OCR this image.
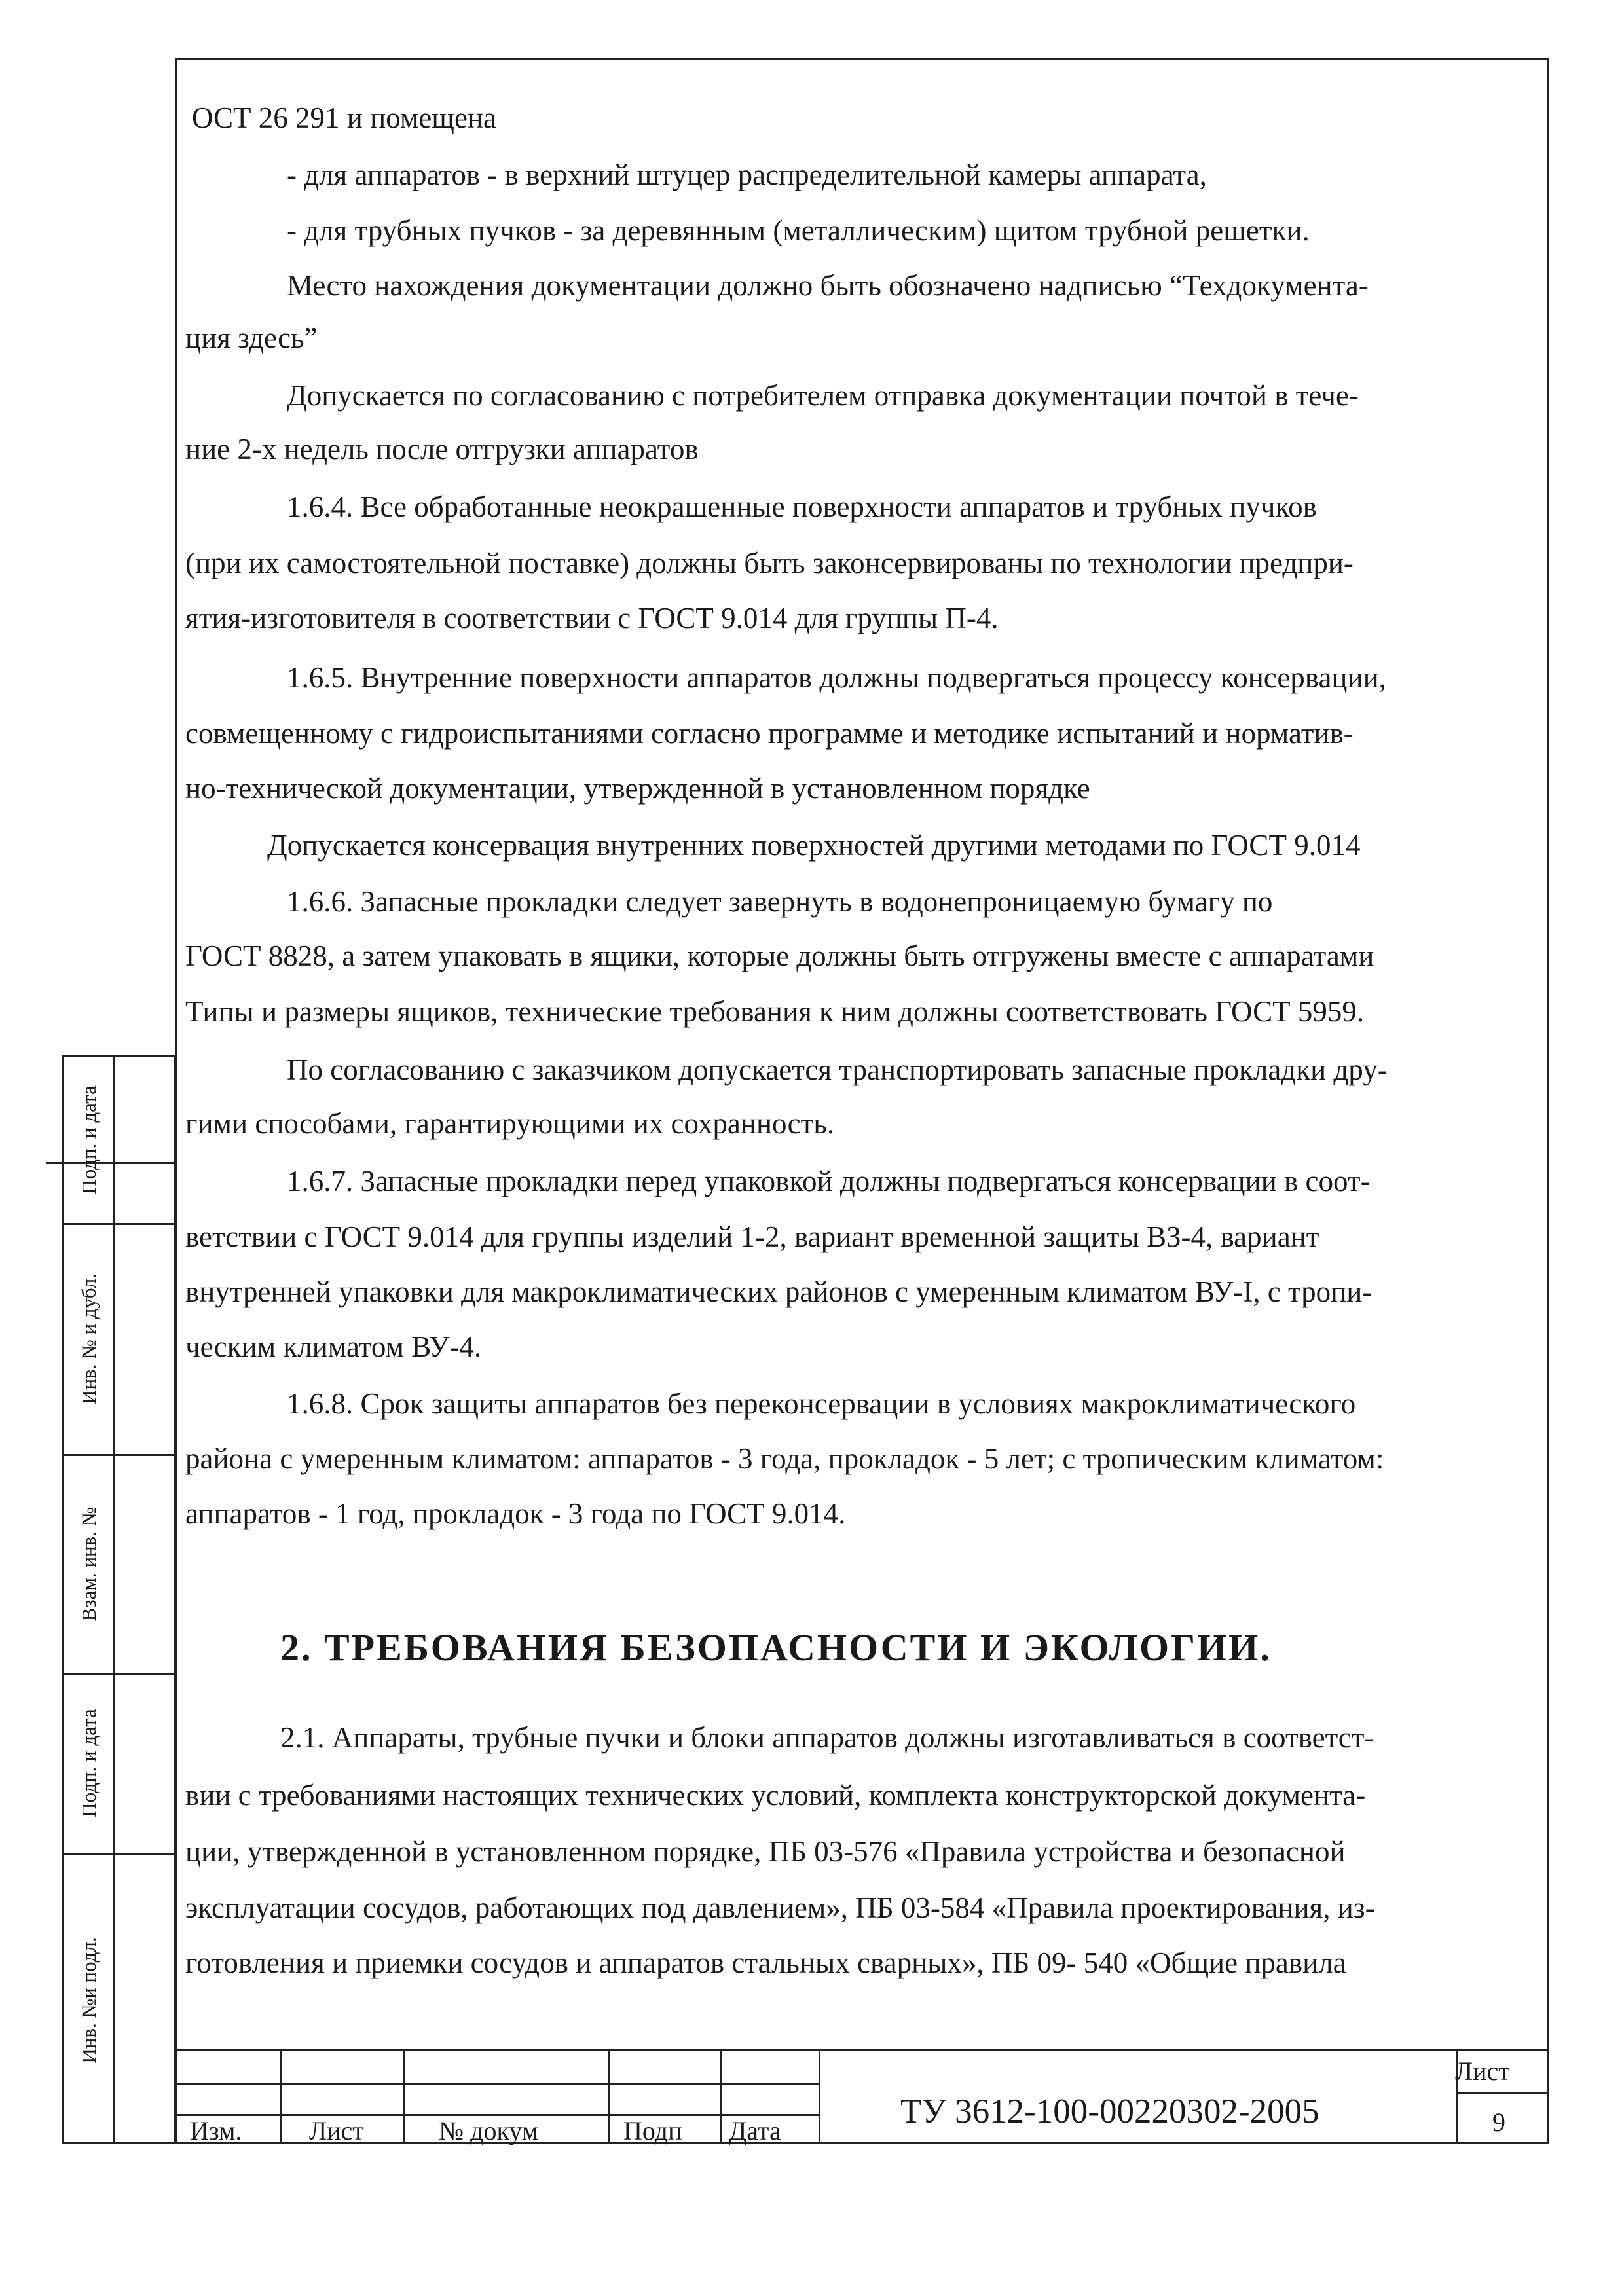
ОСТ 26 291 и помещена
- для аппаратов - в верхний штуцер распределительной камеры аппарата,
- для трубных пучков - за деревянным (металлическим) щитом трубной решетки.
Место нахождения документации должно быть обозначено надписью “Техдокумента-
ция здесь”
Допускается по согласованию с потребителем отправка документации почтой в тече-
ние 2-х недель после отгрузки аппаратов
1.6.4. Все обработанные неокрашенные поверхности аппаратов и трубных пучков
(при их самостоятельной поставке) должны быть законсервированы по технологии предпри-
ятия-изготовителя в соответствии с ГОСТ 9.014 для группы П-4.
1.6.5. Внутренние поверхности аппаратов должны подвергаться процессу консервации,
совмещенному с гидроиспытаниями согласно программе и методике испытаний и норматив-
но-технической документации, утвержденной в установленном порядке
Допускается консервация внутренних поверхностей другими методами по ГОСТ 9.014
1.6.6. Запасные прокладки следует завернуть в водонепроницаемую бумагу по
ГОСТ 8828, а затем упаковать в ящики, которые должны быть отгружены вместе с аппаратами
Типы и размеры ящиков, технические требования к ним должны соответствовать ГОСТ 5959.
По согласованию с заказчиком допускается транспортировать запасные прокладки дру-
гими способами, гарантирующими их сохранность.
1.6.7. Запасные прокладки перед упаковкой должны подвергаться консервации в соот-
ветствии с ГОСТ 9.014 для группы изделий 1-2, вариант временной защиты ВЗ-4, вариант
внутренней упаковки для макроклиматических районов с умеренным климатом ВУ-I, с тропи-
ческим климатом ВУ-4.
1.6.8. Срок защиты аппаратов без переконсервации в условиях макроклиматического
района с умеренным климатом: аппаратов - 3 года, прокладок - 5 лет; с тропическим климатом:
аппаратов - 1 год, прокладок - 3 года по ГОСТ 9.014.
2. ТРЕБОВАНИЯ БЕЗОПАСНОСТИ И ЭКОЛОГИИ.
2.1. Аппараты, трубные пучки и блоки аппаратов должны изготавливаться в соответст-
вии с требованиями настоящих технических условий, комплекта конструкторской документа-
ции, утвержденной в установленном порядке, ПБ 03-576 «Правила устройства и безопасной
эксплуатации сосудов, работающих под давлением», ПБ 03-584 «Правила проектирования, из-
готовления и приемки сосудов и аппаратов стальных сварных», ПБ 09- 540 «Общие правила
Подп. и дата
Инв. № и дубл.
Взам. инв. №
Подп. и дата
Инв. №и подл.
Изм.	Лист	№ докум	Подп Дата
ТУ 3612-100-00220302-2005
Лист
9
